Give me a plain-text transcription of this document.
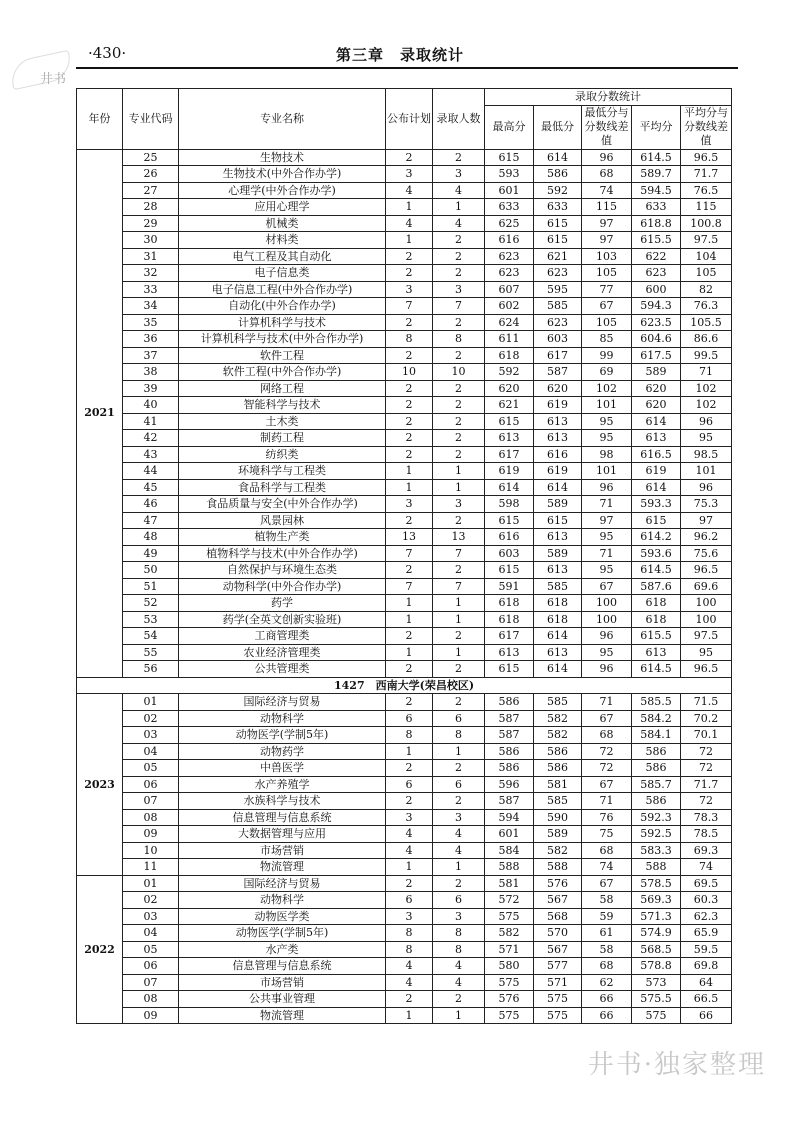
井书
·430·	第三章　录取统计
年份	专业代码	专业名称	公布计划	录取人数	录取分数统计				
					最高分	最低分	最低分与分数线差值	平均分	平均分与分数线差值
2021	25	生物技术	2	2	615	614	96	614.5	96.5
	26	生物技术(中外合作办学)	3	3	593	586	68	589.7	71.7
	27	心理学(中外合作办学)	4	4	601	592	74	594.5	76.5
	28	应用心理学	1	1	633	633	115	633	115
	29	机械类	4	4	625	615	97	618.8	100.8
	30	材料类	1	2	616	615	97	615.5	97.5
	31	电气工程及其自动化	2	2	623	621	103	622	104
	32	电子信息类	2	2	623	623	105	623	105
	33	电子信息工程(中外合作办学)	3	3	607	595	77	600	82
	34	自动化(中外合作办学)	7	7	602	585	67	594.3	76.3
	35	计算机科学与技术	2	2	624	623	105	623.5	105.5
	36	计算机科学与技术(中外合作办学)	8	8	611	603	85	604.6	86.6
	37	软件工程	2	2	618	617	99	617.5	99.5
	38	软件工程(中外合作办学)	10	10	592	587	69	589	71
	39	网络工程	2	2	620	620	102	620	102
	40	智能科学与技术	2	2	621	619	101	620	102
	41	土木类	2	2	615	613	95	614	96
	42	制药工程	2	2	613	613	95	613	95
	43	纺织类	2	2	617	616	98	616.5	98.5
	44	环境科学与工程类	1	1	619	619	101	619	101
	45	食品科学与工程类	1	1	614	614	96	614	96
	46	食品质量与安全(中外合作办学)	3	3	598	589	71	593.3	75.3
	47	风景园林	2	2	615	615	97	615	97
	48	植物生产类	13	13	616	613	95	614.2	96.2
	49	植物科学与技术(中外合作办学)	7	7	603	589	71	593.6	75.6
	50	自然保护与环境生态类	2	2	615	613	95	614.5	96.5
	51	动物科学(中外合作办学)	7	7	591	585	67	587.6	69.6
	52	药学	1	1	618	618	100	618	100
	53	药学(全英文创新实验班)	1	1	618	618	100	618	100
	54	工商管理类	2	2	617	614	96	615.5	97.5
	55	农业经济管理类	1	1	613	613	95	613	95
	56	公共管理类	2	2	615	614	96	614.5	96.5
1427　西南大学(荣昌校区)									
2023	01	国际经济与贸易	2	2	586	585	71	585.5	71.5
	02	动物科学	6	6	587	582	67	584.2	70.2
	03	动物医学(学制5年)	8	8	587	582	68	584.1	70.1
	04	动物药学	1	1	586	586	72	586	72
	05	中兽医学	2	2	586	586	72	586	72
	06	水产养殖学	6	6	596	581	67	585.7	71.7
	07	水族科学与技术	2	2	587	585	71	586	72
	08	信息管理与信息系统	3	3	594	590	76	592.3	78.3
	09	大数据管理与应用	4	4	601	589	75	592.5	78.5
	10	市场营销	4	4	584	582	68	583.3	69.3
	11	物流管理	1	1	588	588	74	588	74
2022	01	国际经济与贸易	2	2	581	576	67	578.5	69.5
	02	动物科学	6	6	572	567	58	569.3	60.3
	03	动物医学类	3	3	575	568	59	571.3	62.3
	04	动物医学(学制5年)	8	8	582	570	61	574.9	65.9
	05	水产类	8	8	571	567	58	568.5	59.5
	06	信息管理与信息系统	4	4	580	577	68	578.8	69.8
	07	市场营销	4	4	575	571	62	573	64
	08	公共事业管理	2	2	576	575	66	575.5	66.5
	09	物流管理	1	1	575	575	66	575	66
井书·独家整理
